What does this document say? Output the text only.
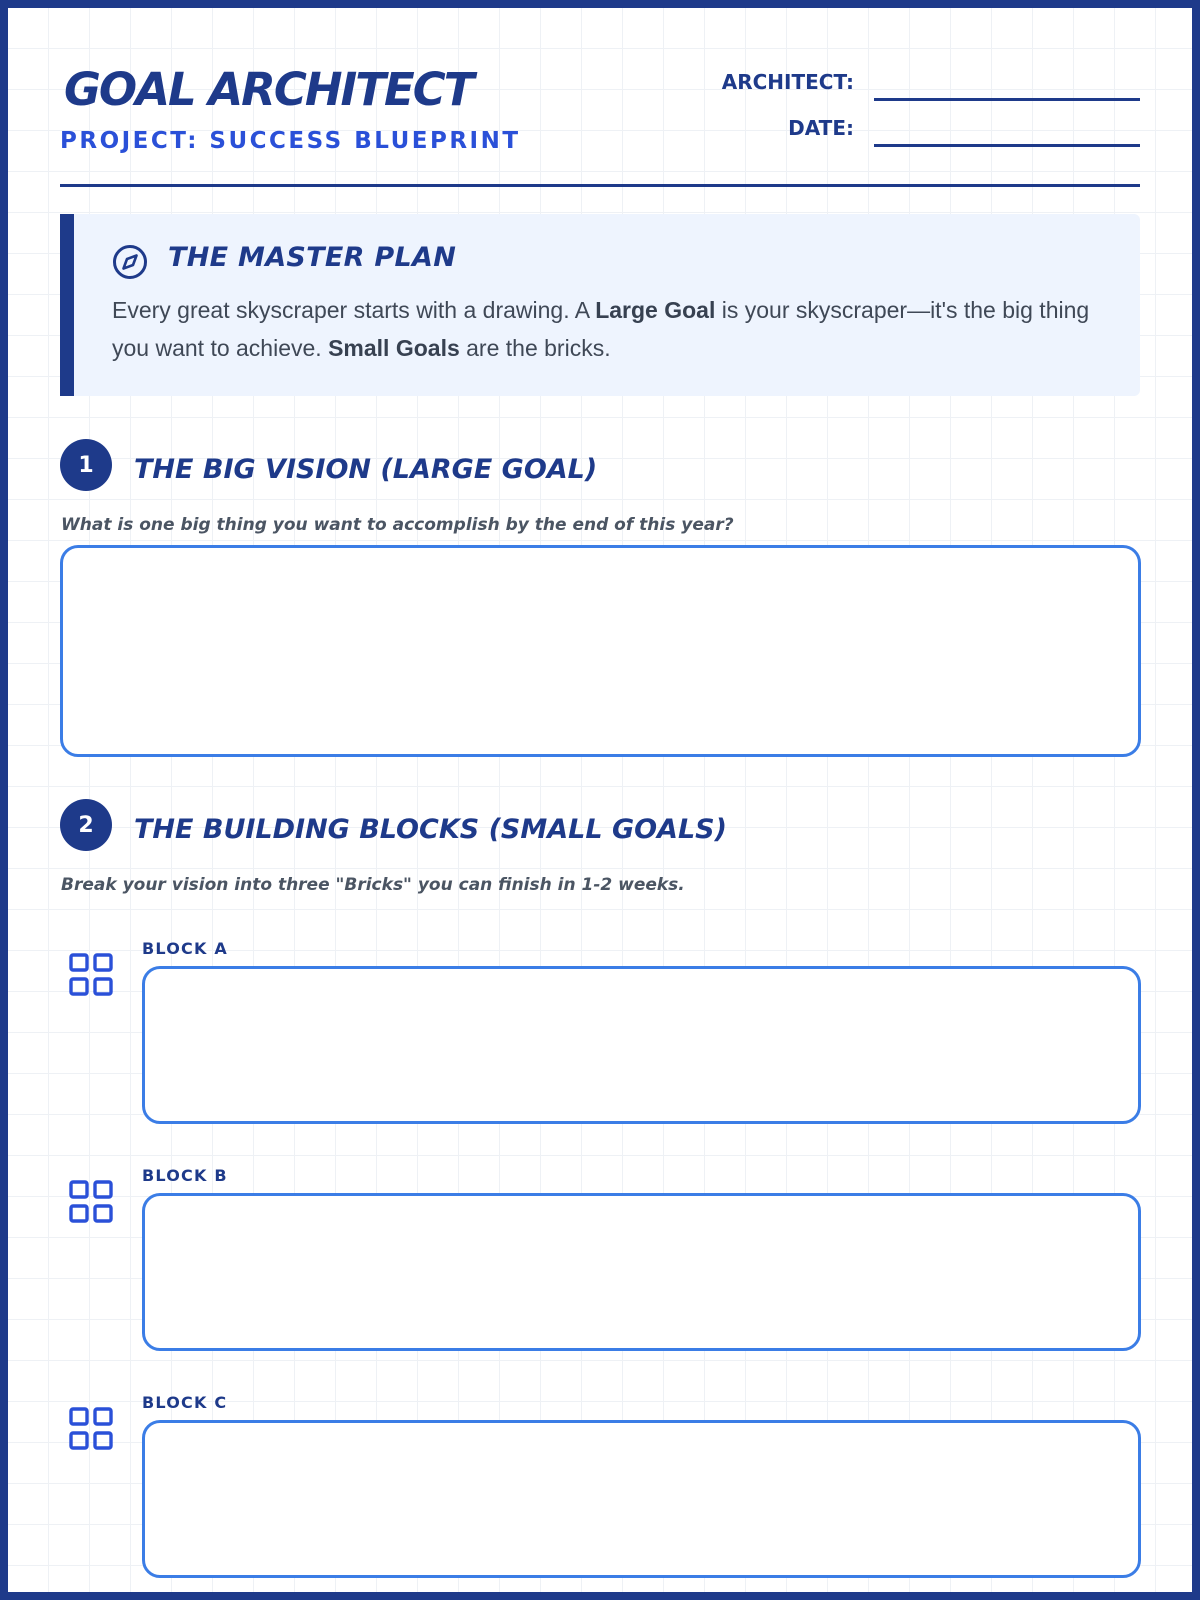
GOAL ARCHITECT
PROJECT: SUCCESS BLUEPRINT
ARCHITECT:
DATE:
THE MASTER PLAN
Every great skyscraper starts with a drawing. A Large Goal is your skyscraper—it's the big thing you want to achieve. Small Goals are the bricks.
1	THE BIG VISION (LARGE GOAL)
What is one big thing you want to accomplish by the end of this year?
2	THE BUILDING BLOCKS (SMALL GOALS)
Break your vision into three "Bricks" you can finish in 1-2 weeks.
BLOCK A
BLOCK B
BLOCK C
